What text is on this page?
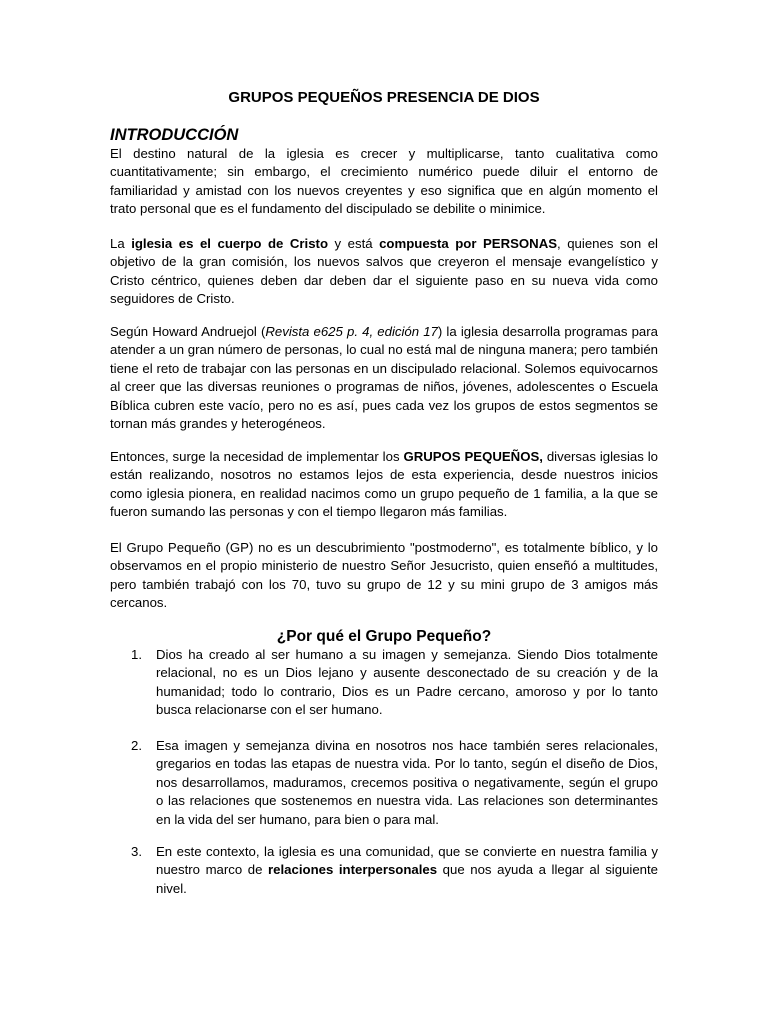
GRUPOS PEQUEÑOS PRESENCIA DE DIOS
INTRODUCCIÓN

El destino natural de la iglesia es crecer y multiplicarse, tanto cualitativa como cuantitativamente; sin embargo, el crecimiento numérico puede diluir el entorno de familiaridad y amistad con los nuevos creyentes y eso significa que en algún momento el trato personal que es el fundamento del discipulado se debilite o minimice.

La iglesia es el cuerpo de Cristo y está compuesta por PERSONAS, quienes son el objetivo de la gran comisión, los nuevos salvos que creyeron el mensaje evangelístico y Cristo céntrico, quienes deben dar deben dar el siguiente paso en su nueva vida como seguidores de Cristo.

Según Howard Andruejol (Revista e625 p. 4, edición 17) la iglesia desarrolla programas para atender a un gran número de personas, lo cual no está mal de ninguna manera; pero también tiene el reto de trabajar con las personas en un discipulado relacional. Solemos equivocarnos al creer que las diversas reuniones o programas de niños, jóvenes, adolescentes o Escuela Bíblica cubren este vacío, pero no es así, pues cada vez los grupos de estos segmentos se tornan más grandes y heterogéneos.

Entonces, surge la necesidad de implementar los GRUPOS PEQUEÑOS, diversas iglesias lo están realizando, nosotros no estamos lejos de esta experiencia, desde nuestros inicios como iglesia pionera, en realidad nacimos como un grupo pequeño de 1 familia, a la que se fueron sumando las personas y con el tiempo llegaron más familias.

El Grupo Pequeño (GP) no es un descubrimiento "postmoderno", es totalmente bíblico, y lo observamos en el propio ministerio de nuestro Señor Jesucristo, quien enseñó a multitudes, pero también trabajó con los 70, tuvo su grupo de 12 y su mini grupo de 3 amigos más cercanos.

¿Por qué el Grupo Pequeño?
1. Dios ha creado al ser humano a su imagen y semejanza. Siendo Dios totalmente relacional, no es un Dios lejano y ausente desconectado de su creación y de la humanidad; todo lo contrario, Dios es un Padre cercano, amoroso y por lo tanto busca relacionarse con el ser humano.

2. Esa imagen y semejanza divina en nosotros nos hace también seres relacionales, gregarios en todas las etapas de nuestra vida. Por lo tanto, según el diseño de Dios, nos desarrollamos, maduramos, crecemos positiva o negativamente, según el grupo o las relaciones que sostenemos en nuestra vida. Las relaciones son determinantes en la vida del ser humano, para bien o para mal.

3. En este contexto, la iglesia es una comunidad, que se convierte en nuestra familia y nuestro marco de relaciones interpersonales que nos ayuda a llegar al siguiente nivel.
